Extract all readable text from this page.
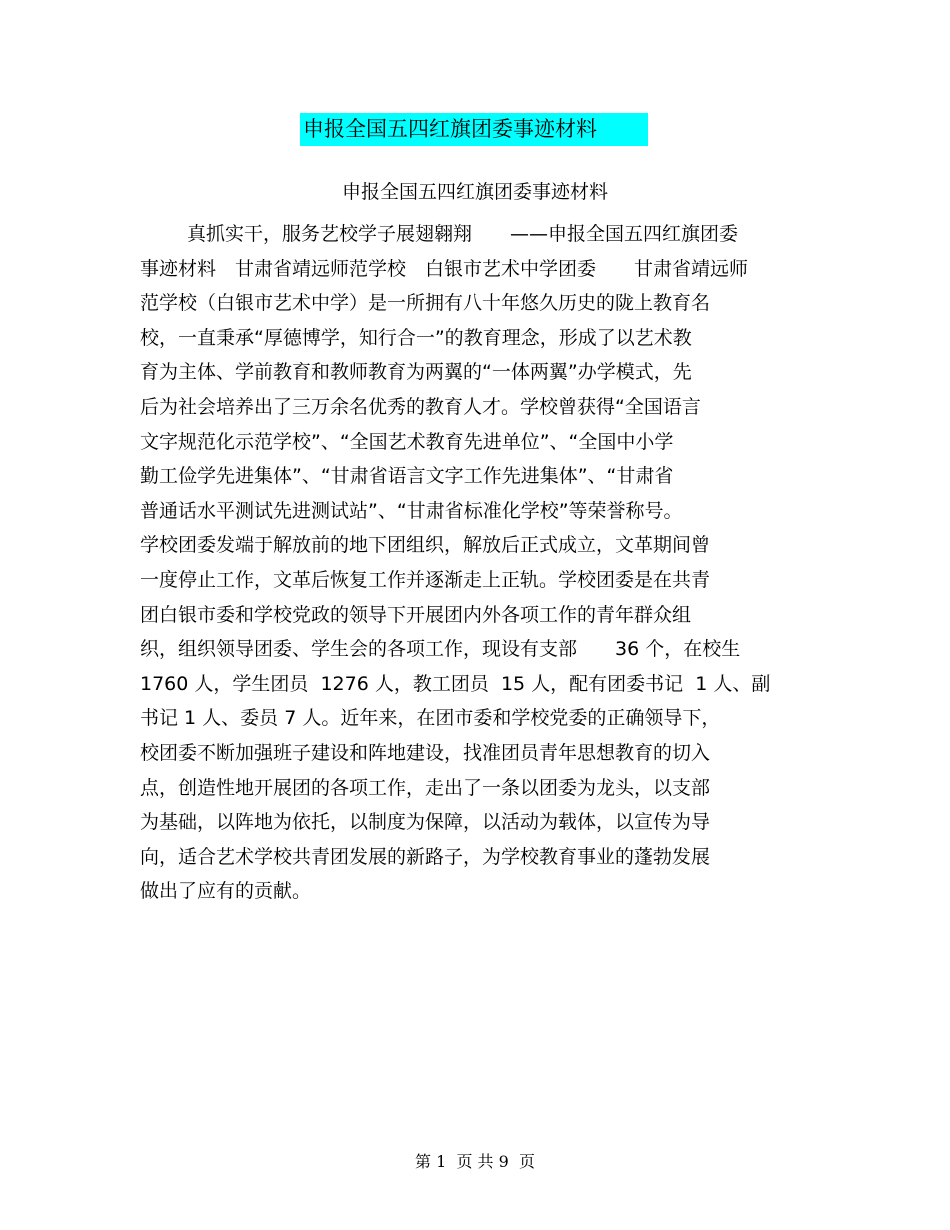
申报全国五四红旗团委事迹材料
申报全国五四红旗团委事迹材料
真抓实干，服务艺校学子展翅翱翔　　——申报全国五四红旗团委
事迹材料　甘肃省靖远师范学校　白银市艺术中学团委　　甘肃省靖远师
范学校（白银市艺术中学）是一所拥有八十年悠久历史的陇上教育名
校，一直秉承“厚德博学，知行合一”的教育理念，形成了以艺术教
育为主体、学前教育和教师教育为两翼的“一体两翼”办学模式，先
后为社会培养出了三万余名优秀的教育人才。学校曾获得“全国语言
文字规范化示范学校”、“全国艺术教育先进单位”、“全国中小学
勤工俭学先进集体”、“甘肃省语言文字工作先进集体”、“甘肃省
普通话水平测试先进测试站”、“甘肃省标准化学校”等荣誉称号。
学校团委发端于解放前的地下团组织，解放后正式成立，文革期间曾
一度停止工作，文革后恢复工作并逐渐走上正轨。学校团委是在共青
团白银市委和学校党政的领导下开展团内外各项工作的青年群众组
织，组织领导团委、学生会的各项工作，现设有支部　　36 个，在校生
1760 人，学生团员  1276 人，教工团员  15 人，配有团委书记  1 人、副
书记 1 人、委员 7 人。近年来，在团市委和学校党委的正确领导下，
校团委不断加强班子建设和阵地建设，找准团员青年思想教育的切入
点，创造性地开展团的各项工作，走出了一条以团委为龙头，以支部
为基础，以阵地为依托，以制度为保障，以活动为载体，以宣传为导
向，适合艺术学校共青团发展的新路子，为学校教育事业的蓬勃发展
做出了应有的贡献。
第 1  页 共 9  页
